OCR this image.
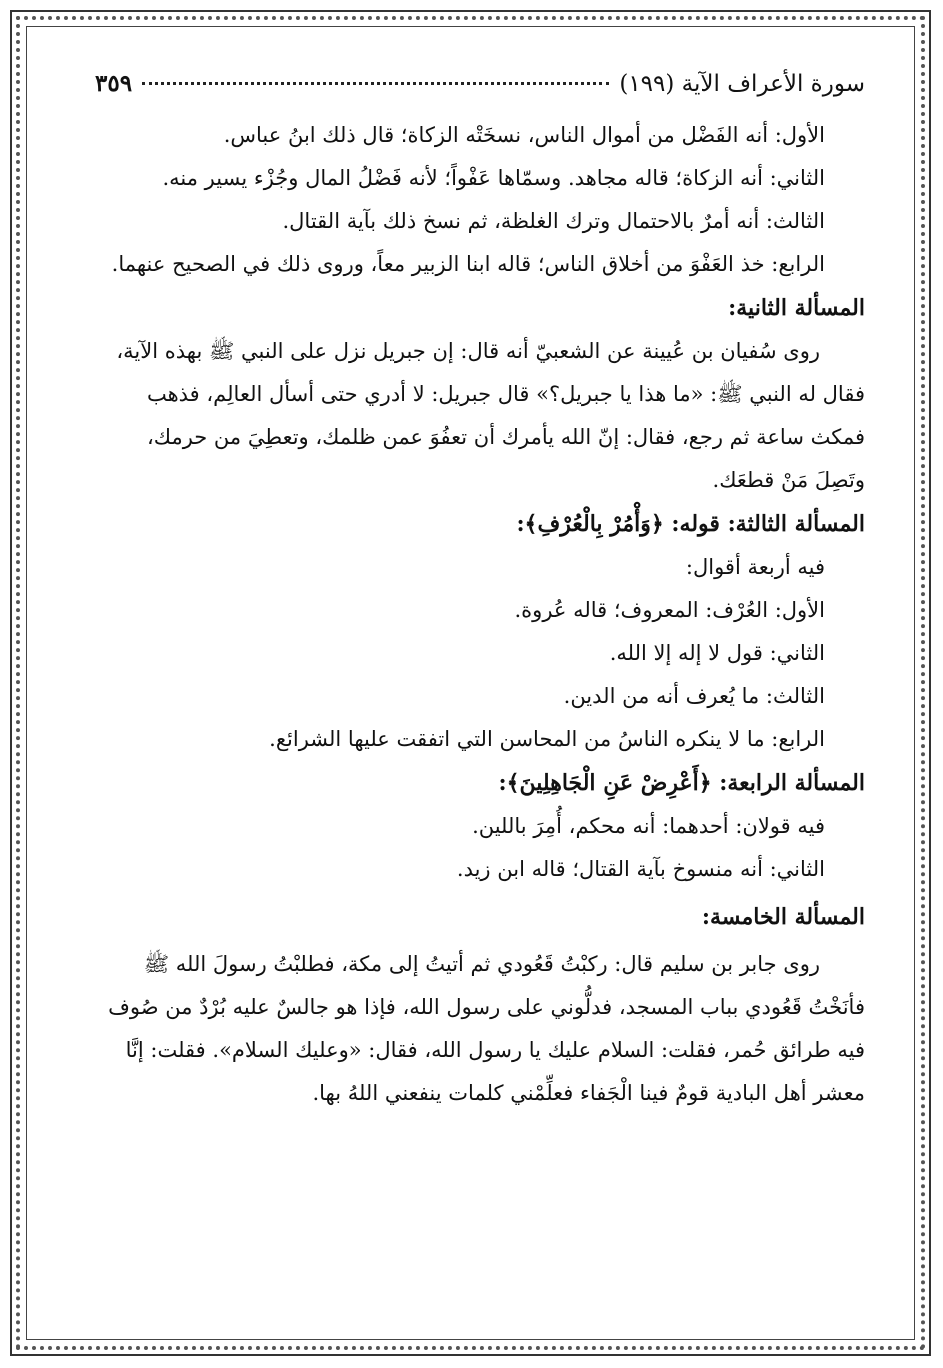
سورة الأعراف الآية (١٩٩)
٣٥٩

الأول: أنه الفَضْل من أموال الناس، نسخَتْه الزكاة؛ قال ذلك ابنُ عباس.

الثاني: أنه الزكاة؛ قاله مجاهد. وسمّاها عَفْواً؛ لأنه فَضْلُ المال وجُزْء يسير منه.

الثالث: أنه أمرٌ بالاحتمال وترك الغلظة، ثم نسخ ذلك بآية القتال.

الرابع: خذ العَفْوَ من أخلاق الناس؛ قاله ابنا الزبير معاً، وروى ذلك في الصحيح عنهما.

المسألة الثانية:

روى سُفيان بن عُيينة عن الشعبيّ أنه قال: إن جبريل نزل على النبي ﷺ بهذه الآية، فقال له النبي ﷺ: «ما هذا يا جبريل؟» قال جبريل: لا أدري حتى أسأل العالِم، فذهب فمكث ساعة ثم رجع، فقال: إنّ الله يأمرك أن تعفُوَ عمن ظلمك، وتعطِيَ من حرمك، وتَصِلَ مَنْ قطعَك.

المسألة الثالثة: قوله: ﴿وَأْمُرْ بِالْعُرْفِ﴾:

فيه أربعة أقوال:

الأول: العُرْف: المعروف؛ قاله عُروة.

الثاني: قول لا إله إلا الله.

الثالث: ما يُعرف أنه من الدين.

الرابع: ما لا ينكره الناسُ من المحاسن التي اتفقت عليها الشرائع.

المسألة الرابعة: ﴿أَعْرِضْ عَنِ الْجَاهِلِينَ﴾:

فيه قولان: أحدهما: أنه محكم، أُمِرَ باللين.

الثاني: أنه منسوخ بآية القتال؛ قاله ابن زيد.

المسألة الخامسة:

روى جابر بن سليم قال: ركبْتُ قَعُودي ثم أتيتُ إلى مكة، فطلبْتُ رسولَ الله ﷺ فأنَخْتُ قَعُودي بباب المسجد، فدلُّوني على رسول الله، فإذا هو جالسٌ عليه بُرْدٌ من صُوف فيه طرائق حُمر، فقلت: السلام عليك يا رسول الله، فقال: «وعليك السلام». فقلت: إنَّا معشر أهل البادية قومٌ فينا الْجَفاء فعلِّمْني كلمات ينفعني اللهُ بها.
